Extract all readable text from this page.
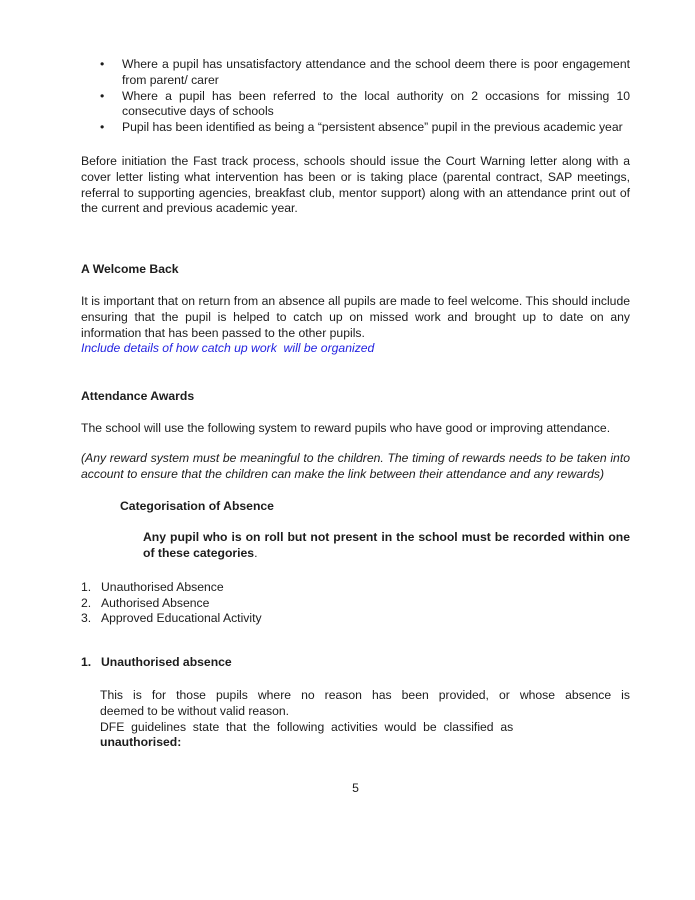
•	Where a pupil has unsatisfactory attendance and the school deem there is poor engagement from parent/ carer
•	Where a pupil has been referred to the local authority on 2 occasions for missing 10 consecutive days of schools
•	Pupil has been identified as being a “persistent absence” pupil in the previous academic year

Before initiation the Fast track process, schools should issue the Court Warning letter along with a cover letter listing what intervention has been or is taking place (parental contract, SAP meetings, referral to supporting agencies, breakfast club, mentor support) along with an attendance print out of the current and previous academic year.

A Welcome Back

It is important that on return from an absence all pupils are made to feel welcome. This should include ensuring that the pupil is helped to catch up on missed work and brought up to date on any information that has been passed to the other pupils.

Include details of how catch up work  will be organized

Attendance Awards

The school will use the following system to reward pupils who have good or improving attendance.

(Any reward system must be meaningful to the children. The timing of rewards needs to be taken into account to ensure that the children can make the link between their attendance and any rewards)

Categorisation of Absence

Any pupil who is on roll but not present in the school must be recorded within one of these categories.

1. Unauthorised Absence
2. Authorised Absence
3. Approved Educational Activity
1. Unauthorised absence
This is for those pupils where no reason has been provided, or whose absence is
deemed to be without valid reason.
DFE  guidelines  state  that  the  following  activities  would  be  classified  as
unauthorised:
5
